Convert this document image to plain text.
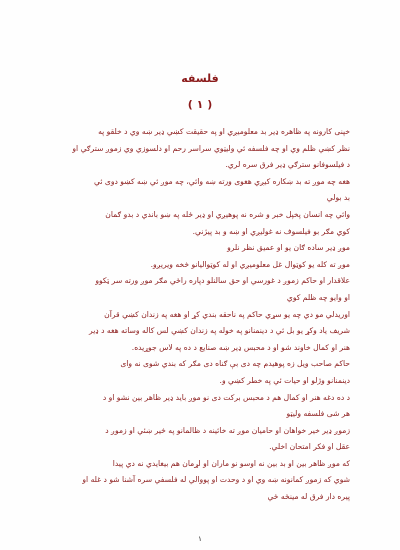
فلسفه
( ۱ )
خپنی کارونه په ظاهره ډیر بد معلومیږي او په حقیقت کښي ډیر ښه وي د خلقو په
نظر کښي ظلم وي او چه فلسفه ئي وليټوي سراسر رحم او دلسوزي وي زموږ سترګي او
د فيلسوفانو سترګي ډير فرق سره لري.
هغه چه موږ ته بد ښکاره کيږي هغوی ورته ښه وائي، چه موږ ئي ښه کښو دوی ئي
بد بولي
وائي چه انسان پخپل خبر و شره نه پوهيږي او ډير ځله په ښو باندي د بدو ګمان
کوي مګر بو فيلسوف نه غوليږي او ښه و بد پيژني.
موږ ډير ساده ګان يو او عميق نظر نلرو
موږ ته کله يو کوټوال غل معلوميږي او له کوټواليانو څخه ويريږو.
علاقدار او حاکم زموږ د غورسي او حق سالنلو دپاره راځي مګر موږ ورته سر ټکوو
او وايو چه ظلم کوي
اوريدلي مو دي چه يو سړي حاکم په ناحقه بندي کړ او هغه په زندان کښي قرآن
شريف ياد وکړ يو بل ئي د دينمنانو په خوله په زندان کښي لس کاله وساته هغه د ډير
هنر او کمال خاوند شو او د محبس ډير ښه صنايع د ده په لاس جوړيده.
حاکم صاحب ويل زه پوهيدم چه دی بې ګناه دی مګر که بندي شوی نه وای
دينمنانو وژلو او حيات ئي په خطر کښي و.
د ده دغه هنر او کمال هم د محبس برکت دی نو موږ بايد ډير ظاهر بين نشو او د
هر شی فلسفه وليټو
زموږ ډير خير خواهان او حاميان موږ ته خائينه د ظالمانو په څير ښئي او زموږ د
عقل او فکر امتحان اخلي.
که موږ ظاهر بين او بد بين نه اوسو نو ماران او لړمان هم بيغايدي نه دي پيدا
شوي که زموږ کمانونه ښه وي او د وحدت او پووالي له فلسفي سره آشنا شو د غله او
پيره دار فرق له مينځه ځي
۱
